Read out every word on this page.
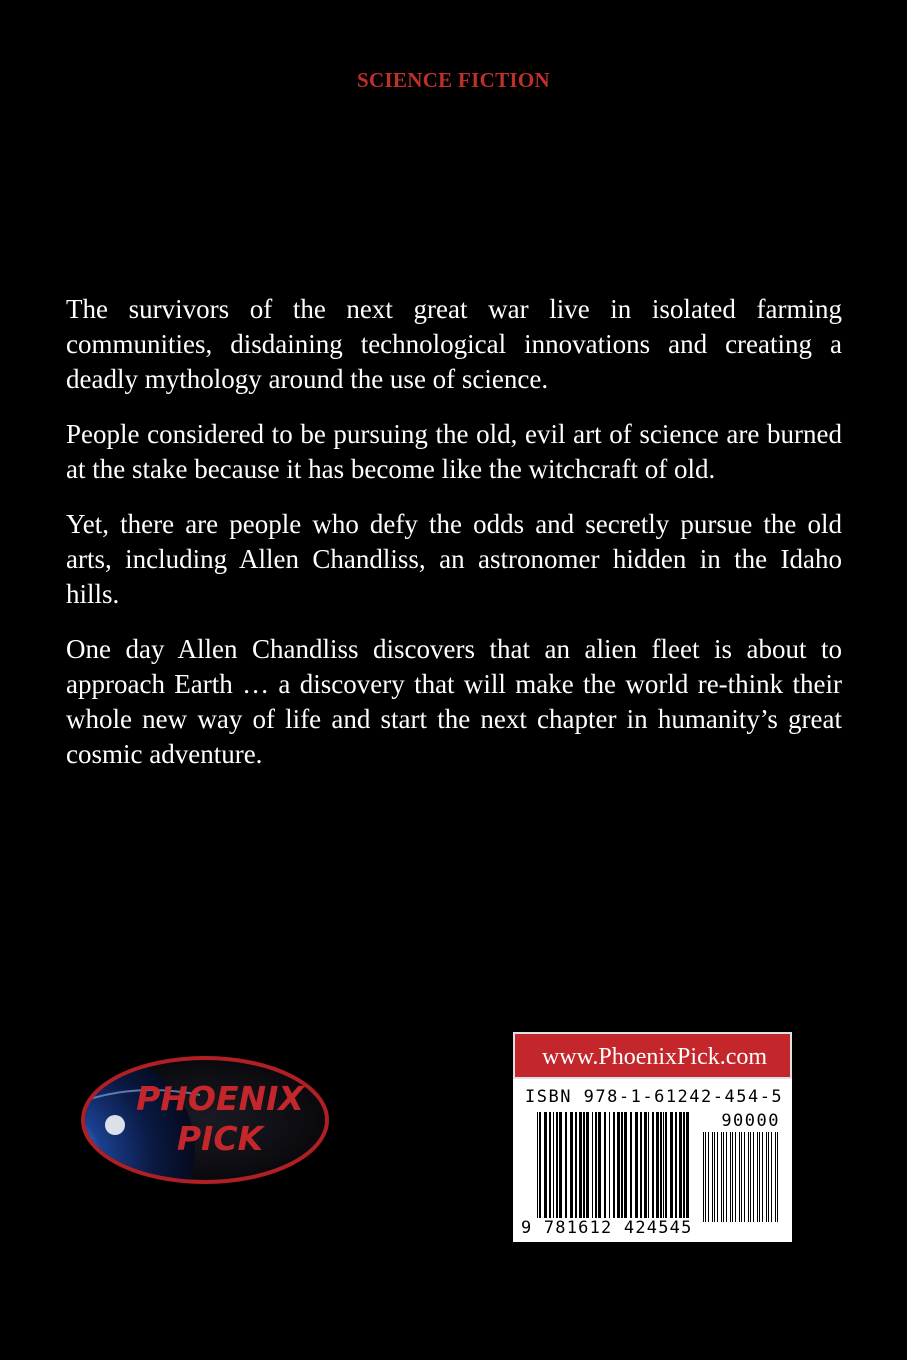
SCIENCE FICTION

The survivors of the next great war live in isolated farming communities, disdaining technological innovations and creating a deadly mythology around the use of science.

People considered to be pursuing the old, evil art of science are burned at the stake because it has become like the witchcraft of old.

Yet, there are people who defy the odds and secretly pursue the old arts, including Allen Chandliss, an astronomer hidden in the Idaho hills.

One day Allen Chandliss discovers that an alien fleet is about to approach Earth … a discovery that will make the world re-think their whole new way of life and start the next chapter in humanity’s great cosmic adventure.

PHOENIX
PICK
www.PhoenixPick.com
ISBN 978-1-61242-454-5
90000
9 781612 424545
